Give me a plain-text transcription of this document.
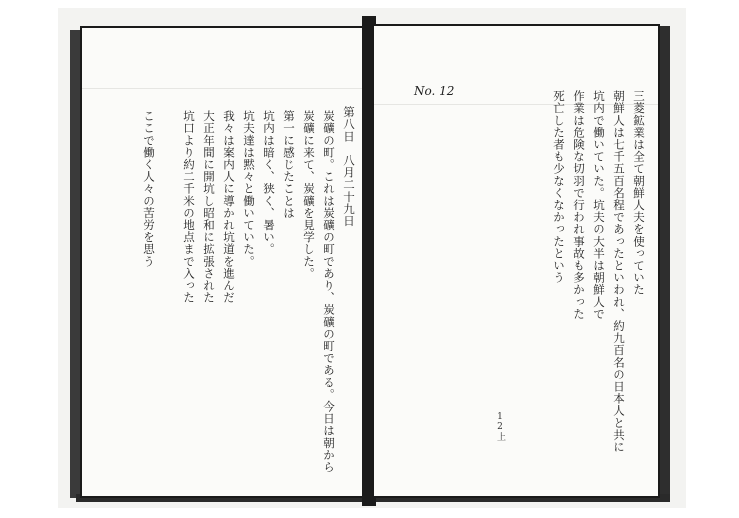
第八日　八月二十九日
炭礦の町。これは炭礦の町であり、炭礦の町である。今日は朝から
炭礦に来て、炭礦を見学した。
第一に感じたことは
坑内は暗く、狭く、暑い。
坑夫達は黙々と働いていた。
我々は案内人に導かれ坑道を進んだ
大正年間に開坑し昭和に拡張された
坑口より約二千米の地点まで入った
ここで働く人々の苦労を思う
No. 12	三菱鉱業は全て朝鮮人夫を使っていた
朝鮮人は七千五百名程であったといわれ、約九百名の日本人と共に
坑内で働いていた。坑夫の大半は朝鮮人で
作業は危険な切羽で行われ事故も多かった
死亡した者も少なくなかったという
12上
